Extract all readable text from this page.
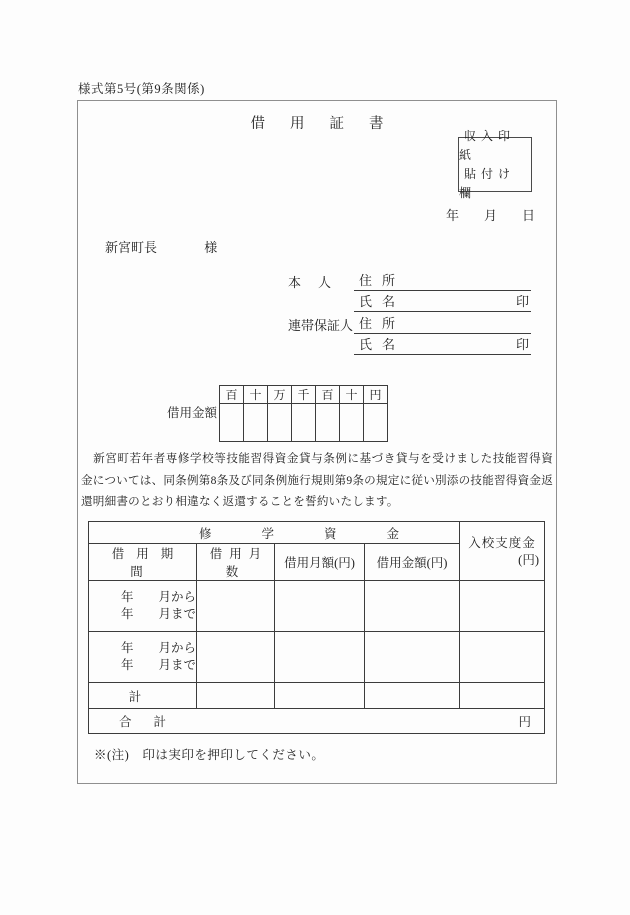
様式第5号(第9条関係)
借用証書
収入印紙
貼付け欄
年 月 日
新宮町長	様
本人 住所
氏名	印
連帯保証人 住所
氏名	印
借用金額
百	十	万	千	百	十	円

　新宮町若年者専修学校等技能習得資金貸与条例に基づき貸与を受けました技能習得資
金については、同条例第8条及び同条例施行規則第9条の規定に従い別添の技能習得資金返
還明細書のとおり相違なく返還することを誓約いたします。
修学資金				入校支度金
(円)

借用期間	借用月数	借用月額(円)	借用金額(円)	

年　　月から
年　　月まで				

年　　月から
年　　月まで				

計				

合計 円				
※(注)　印は実印を押印してください。
